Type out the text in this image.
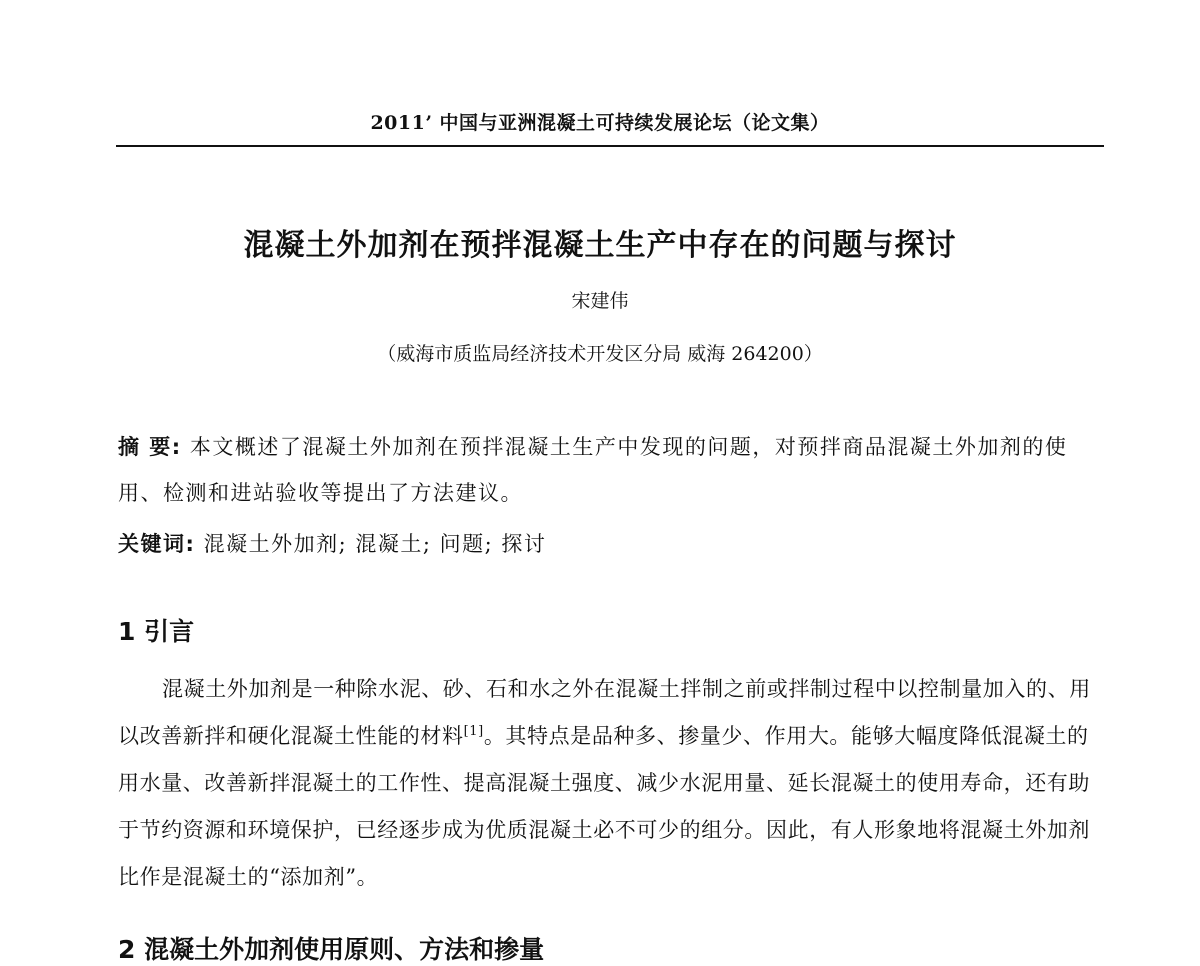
2011’ 中国与亚洲混凝土可持续发展论坛（论文集）
混凝土外加剂在预拌混凝土生产中存在的问题与探讨
宋建伟
（威海市质监局经济技术开发区分局 威海 264200）
摘 要: 本文概述了混凝土外加剂在预拌混凝土生产中发现的问题，对预拌商品混凝土外加剂的使用、检测和进站验收等提出了方法建议。
关键词: 混凝土外加剂; 混凝土; 问题; 探讨
1 引言
混凝土外加剂是一种除水泥、砂、石和水之外在混凝土拌制之前或拌制过程中以控制量加入的、用以改善新拌和硬化混凝土性能的材料[1]。其特点是品种多、掺量少、作用大。能够大幅度降低混凝土的用水量、改善新拌混凝土的工作性、提高混凝土强度、减少水泥用量、延长混凝土的使用寿命，还有助于节约资源和环境保护，已经逐步成为优质混凝土必不可少的组分。因此，有人形象地将混凝土外加剂比作是混凝土的“添加剂”。
2 混凝土外加剂使用原则、方法和掺量
